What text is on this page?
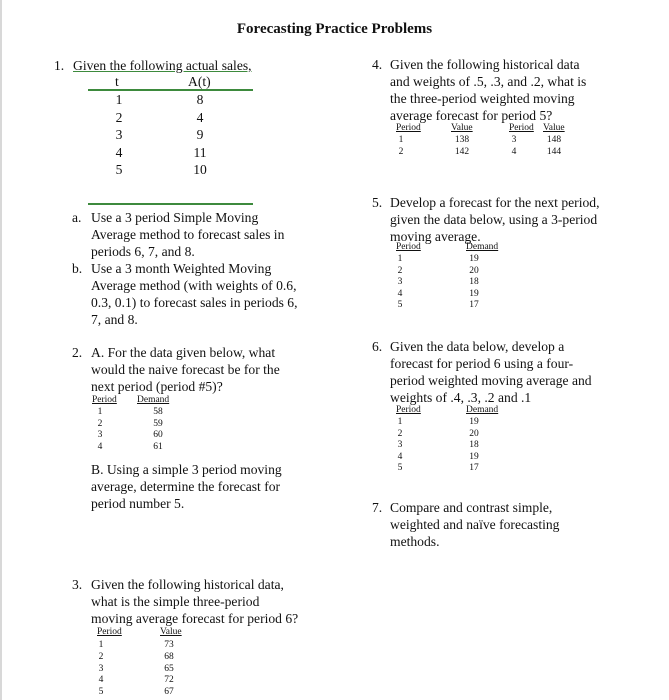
Forecasting Practice Problems
1. Given the following actual sales,
t	A(t)
1	8
2	4
3	9
4	11
5	10
a. Use a 3 period Simple Moving
Average method to forecast sales in
periods 6, 7, and 8.
b. Use a 3 month Weighted Moving
Average method (with weights of 0.6,
0.3, 0.1) to forecast sales in periods 6,
7, and 8.
2. A. For the data given below, what
would the naive forecast be for the
next period (period #5)?
Period Demand
1	58
2	59
3	60
4	61
B. Using a simple 3 period moving
average, determine the forecast for
period number 5.
3. Given the following historical data,
what is the simple three-period
moving average forecast for period 6?
Period	Value
1	73
2	68
3	65
4	72
5	67
4. Given the following historical data
and weights of .5, .3, and .2, what is
the three-period weighted moving
average forecast for period 5?
Period	Value	Period Value
1	138	3	148
2	142	4	144
5. Develop a forecast for the next period,
given the data below, using a 3-period
moving average.
Period	Demand
1	19
2	20
3	18
4	19
5	17
6. Given the data below, develop a
forecast for period 6 using a four-
period weighted moving average and
weights of .4, .3, .2 and .1
Period	Demand
1	19
2	20
3	18
4	19
5	17
7. Compare and contrast simple,
weighted and naïve forecasting
methods.
